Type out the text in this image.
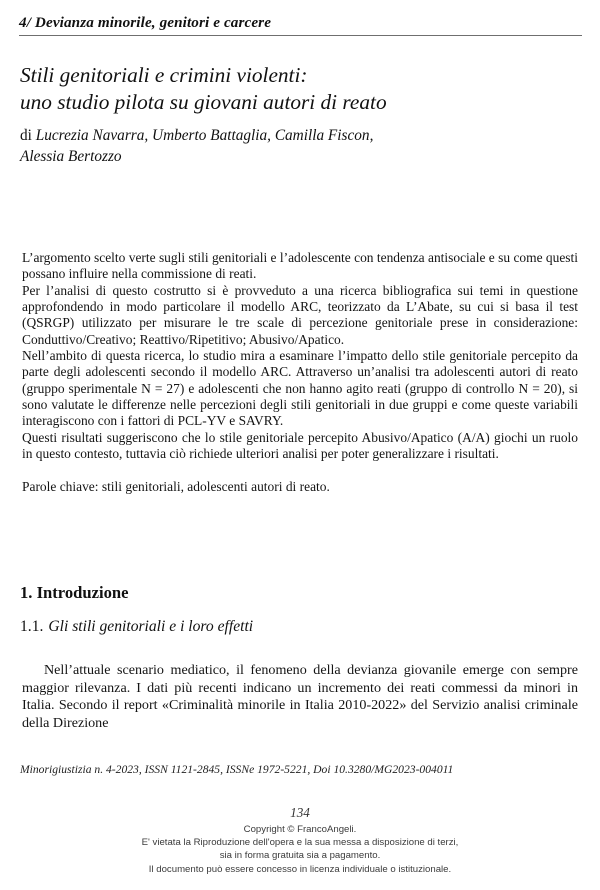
4/ Devianza minorile, genitori e carcere
Stili genitoriali e crimini violenti:
uno studio pilota su giovani autori di reato
di Lucrezia Navarra, Umberto Battaglia, Camilla Fiscon,
Alessia Bertozzo

L’argomento scelto verte sugli stili genitoriali e l’adolescente con tendenza antisociale e su come questi possano influire nella commissione di reati.

Per l’analisi di questo costrutto si è provveduto a una ricerca bibliografica sui temi in questione approfondendo in modo particolare il modello ARC, teorizzato da L’Abate, su cui si basa il test (QSRGP) utilizzato per misurare le tre scale di percezione genitoriale prese in considerazione: Conduttivo/Creativo; Reattivo/Ripetitivo; Abusivo/Apatico.

Nell’ambito di questa ricerca, lo studio mira a esaminare l’impatto dello stile genitoriale percepito da parte degli adolescenti secondo il modello ARC. Attraverso un’analisi tra adolescenti autori di reato (gruppo sperimentale N = 27) e adolescenti che non hanno agito reati (gruppo di controllo N = 20), si sono valutate le differenze nelle percezioni degli stili genitoriali in due gruppi e come queste variabili interagiscono con i fattori di PCL-YV e SAVRY.

Questi risultati suggeriscono che lo stile genitoriale percepito Abusivo/Apatico (A/A) giochi un ruolo in questo contesto, tuttavia ciò richiede ulteriori analisi per poter generalizzare i risultati.

Parole chiave: stili genitoriali, adolescenti autori di reato.

1. Introduzione
1.1. Gli stili genitoriali e i loro effetti

Nell’attuale scenario mediatico, il fenomeno della devianza giovanile emerge con sempre maggior rilevanza. I dati più recenti indicano un incremento dei reati commessi da minori in Italia. Secondo il report «Criminalità minorile in Italia 2010-2022» del Servizio analisi criminale della Direzione

Minorigiustizia n. 4-2023, ISSN 1121-2845, ISSNe 1972-5221, Doi 10.3280/MG2023-004011
134
Copyright © FrancoAngeli.
E' vietata la Riproduzione dell'opera e la sua messa a disposizione di terzi,
sia in forma gratuita sia a pagamento.
Il documento può essere concesso in licenza individuale o istituzionale.
